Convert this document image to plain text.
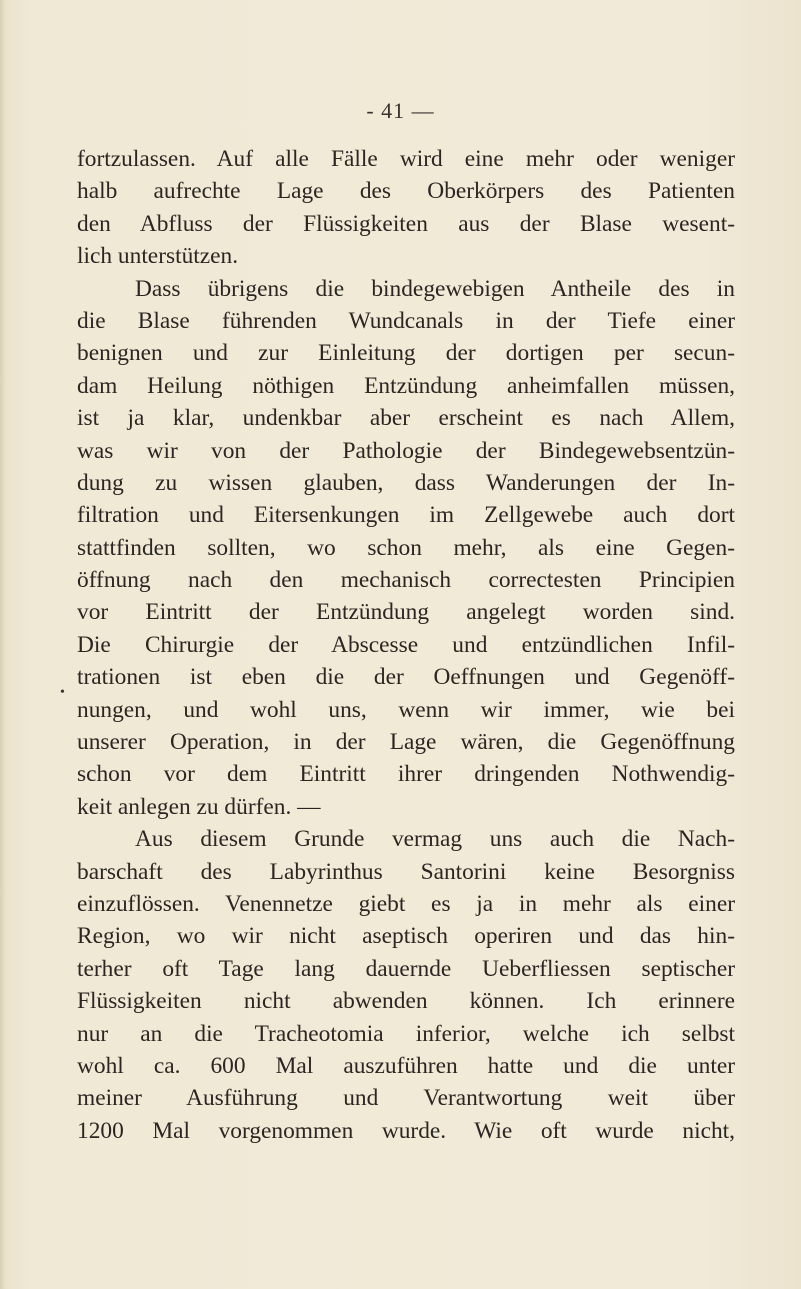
- 41 —
•
fortzulassen. Auf alle Fälle wird eine mehr oder weniger
halb aufrechte Lage des Oberkörpers des Patienten
den Abfluss der Flüssigkeiten aus der Blase wesent-
lich unterstützen.
Dass übrigens die bindegewebigen Antheile des in
die Blase führenden Wundcanals in der Tiefe einer
benignen und zur Einleitung der dortigen per secun-
dam Heilung nöthigen Entzündung anheimfallen müssen,
ist ja klar, undenkbar aber erscheint es nach Allem,
was wir von der Pathologie der Bindegewebsentzün-
dung zu wissen glauben, dass Wanderungen der In-
filtration und Eitersenkungen im Zellgewebe auch dort
stattfinden sollten, wo schon mehr, als eine Gegen-
öffnung nach den mechanisch correctesten Principien
vor Eintritt der Entzündung angelegt worden sind.
Die Chirurgie der Abscesse und entzündlichen Infil-
trationen ist eben die der Oeffnungen und Gegenöff-
nungen, und wohl uns, wenn wir immer, wie bei
unserer Operation, in der Lage wären, die Gegenöffnung
schon vor dem Eintritt ihrer dringenden Nothwendig-
keit anlegen zu dürfen. —
Aus diesem Grunde vermag uns auch die Nach-
barschaft des Labyrinthus Santorini keine Besorgniss
einzuflössen. Venennetze giebt es ja in mehr als einer
Region, wo wir nicht aseptisch operiren und das hin-
terher oft Tage lang dauernde Ueberfliessen septischer
Flüssigkeiten nicht abwenden können. Ich erinnere
nur an die Tracheotomia inferior, welche ich selbst
wohl ca. 600 Mal auszuführen hatte und die unter
meiner Ausführung und Verantwortung weit über
1200 Mal vorgenommen wurde. Wie oft wurde nicht,
